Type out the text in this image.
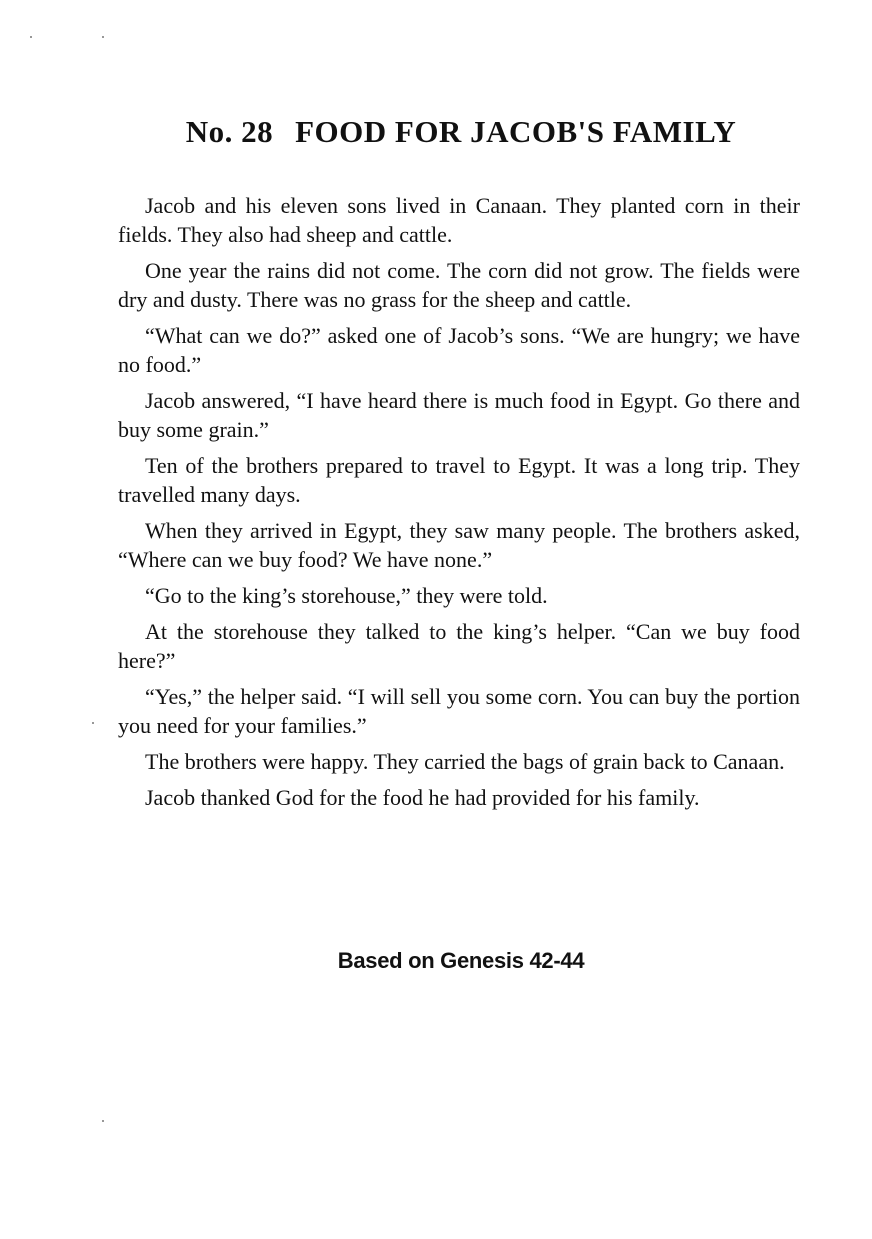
No. 28 FOOD FOR JACOB'S FAMILY

Jacob and his eleven sons lived in Canaan. They planted corn in their fields. They also had sheep and cattle.

One year the rains did not come. The corn did not grow. The fields were dry and dusty. There was no grass for the sheep and cattle.

“What can we do?” asked one of Jacob’s sons. “We are hungry; we have no food.”

Jacob answered, “I have heard there is much food in Egypt. Go there and buy some grain.”

Ten of the brothers prepared to travel to Egypt. It was a long trip. They travelled many days.

When they arrived in Egypt, they saw many people. The brothers asked, “Where can we buy food? We have none.”

“Go to the king’s storehouse,” they were told.

At the storehouse they talked to the king’s helper. “Can we buy food here?”

“Yes,” the helper said. “I will sell you some corn. You can buy the portion you need for your families.”

The brothers were happy. They carried the bags of grain back to Canaan.

Jacob thanked God for the food he had provided for his family.

Based on Genesis 42-44
